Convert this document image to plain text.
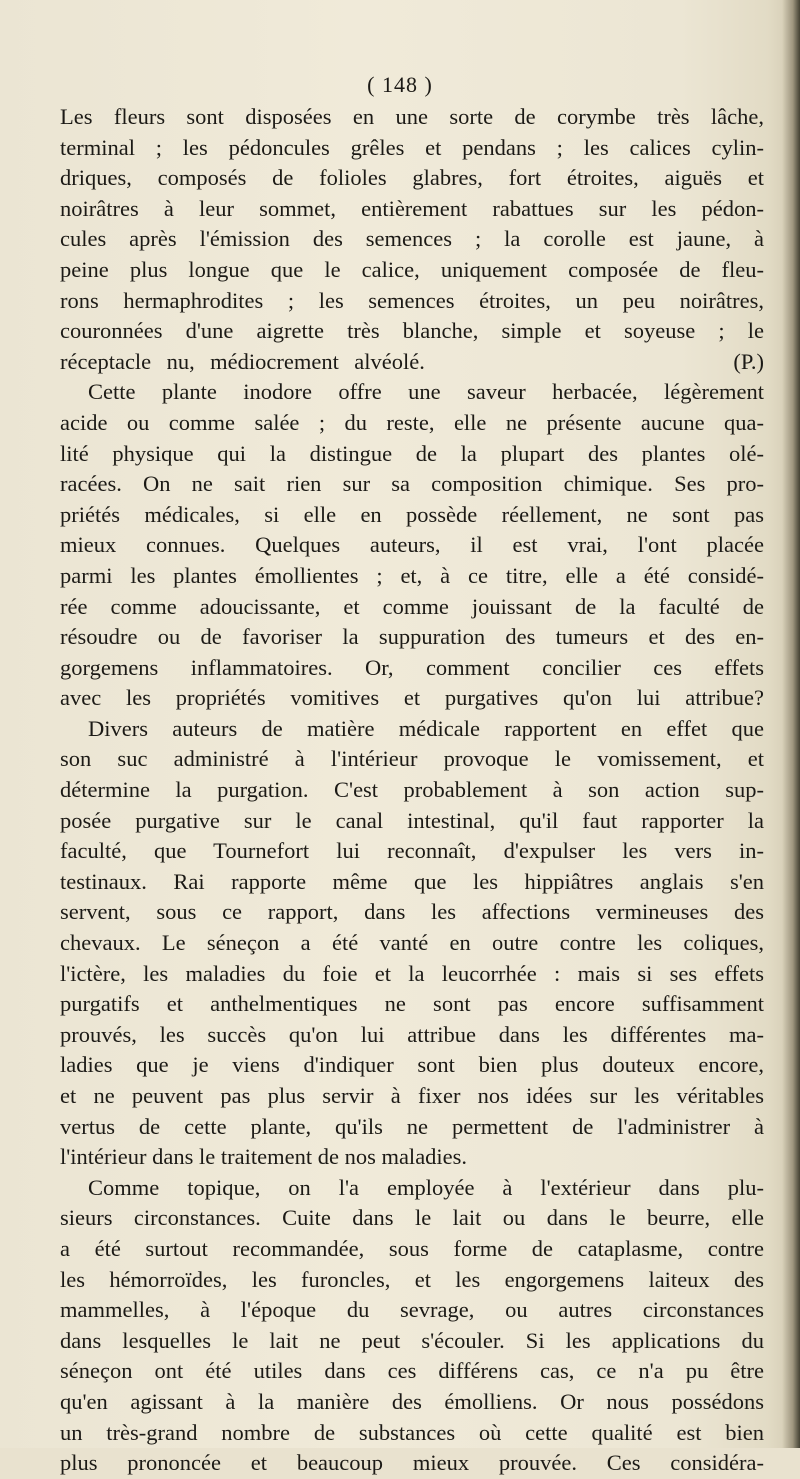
( 148 )
Les fleurs sont disposées en une sorte de corymbe très lâche,
terminal ; les pédoncules grêles et pendans ; les calices cylin-
driques, composés de folioles glabres, fort étroites, aiguës et
noirâtres à leur sommet, entièrement rabattues sur les pédon-
cules après l'émission des semences ; la corolle est jaune, à
peine plus longue que le calice, uniquement composée de fleu-
rons hermaphrodites ; les semences étroites, un peu noirâtres,
couronnées d'une aigrette très blanche, simple et soyeuse ; le
réceptacle nu, médiocrement alvéolé.                    (P.)
Cette plante inodore offre une saveur herbacée, légèrement
acide ou comme salée ; du reste, elle ne présente aucune qua-
lité physique qui la distingue de la plupart des plantes olé-
racées. On ne sait rien sur sa composition chimique. Ses pro-
priétés médicales, si elle en possède réellement, ne sont pas
mieux connues. Quelques auteurs, il est vrai, l'ont placée
parmi les plantes émollientes ; et, à ce titre, elle a été considé-
rée comme adoucissante, et comme jouissant de la faculté de
résoudre ou de favoriser la suppuration des tumeurs et des en-
gorgemens inflammatoires. Or, comment concilier ces effets
avec les propriétés vomitives et purgatives qu'on lui attribue?
Divers auteurs de matière médicale rapportent en effet que
son suc administré à l'intérieur provoque le vomissement, et
détermine la purgation. C'est probablement à son action sup-
posée purgative sur le canal intestinal, qu'il faut rapporter la
faculté, que Tournefort lui reconnaît, d'expulser les vers in-
testinaux. Rai rapporte même que les hippiâtres anglais s'en
servent, sous ce rapport, dans les affections vermineuses des
chevaux. Le séneçon a été vanté en outre contre les coliques,
l'ictère, les maladies du foie et la leucorrhée : mais si ses effets
purgatifs et anthelmentiques ne sont pas encore suffisamment
prouvés, les succès qu'on lui attribue dans les différentes ma-
ladies que je viens d'indiquer sont bien plus douteux encore,
et ne peuvent pas plus servir à fixer nos idées sur les véritables
vertus de cette plante, qu'ils ne permettent de l'administrer à
l'intérieur dans le traitement de nos maladies.
Comme topique, on l'a employée à l'extérieur dans plu-
sieurs circonstances. Cuite dans le lait ou dans le beurre, elle
a été surtout recommandée, sous forme de cataplasme, contre
les hémorroïdes, les furoncles, et les engorgemens laiteux des
mammelles, à l'époque du sevrage, ou autres circonstances
dans lesquelles le lait ne peut s'écouler. Si les applications du
séneçon ont été utiles dans ces différens cas, ce n'a pu être
qu'en agissant à la manière des émolliens. Or nous possédons
un très-grand nombre de substances où cette qualité est bien
plus prononcée et beaucoup mieux prouvée. Ces considéra-
